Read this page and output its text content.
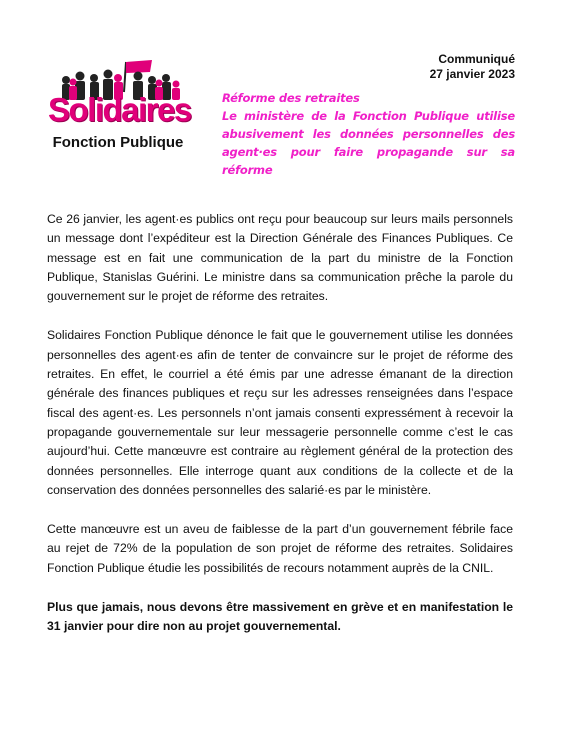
Solidaires
Fonction Publique
Communiqué
27 janvier 2023
Réforme des retraites
Le ministère de la Fonction Publique utilise abusivement les données personnelles des agent·es pour faire propagande sur sa réforme

Ce 26 janvier, les agent·es publics ont reçu pour beaucoup sur leurs mails personnels un message dont l’expéditeur est la Direction Générale des Finances Publiques. Ce message est en fait une communication de la part du ministre de la Fonction Publique, Stanislas Guérini. Le ministre dans sa communication prêche la parole du gouvernement sur le projet de réforme des retraites.

Solidaires Fonction Publique dénonce le fait que le gouvernement utilise les données personnelles des agent·es afin de tenter de convaincre sur le projet de réforme des retraites. En effet, le courriel a été émis par une adresse émanant de la direction générale des finances publiques et reçu sur les adresses renseignées dans l’espace fiscal des agent·es. Les personnels n’ont jamais consenti expressément à recevoir la propagande gouvernementale sur leur messagerie personnelle comme c’est le cas aujourd’hui. Cette manœuvre est contraire au règlement général de la protection des données personnelles. Elle interroge quant aux conditions de la collecte et de la conservation des données personnelles des salarié·es par le ministère.

Cette manœuvre est un aveu de faiblesse de la part d’un gouvernement fébrile face au rejet de 72% de la population de son projet de réforme des retraites. Solidaires Fonction Publique étudie les possibilités de recours notamment auprès de la CNIL.

Plus que jamais, nous devons être massivement en grève et en manifestation le 31 janvier pour dire non au projet gouvernemental.
